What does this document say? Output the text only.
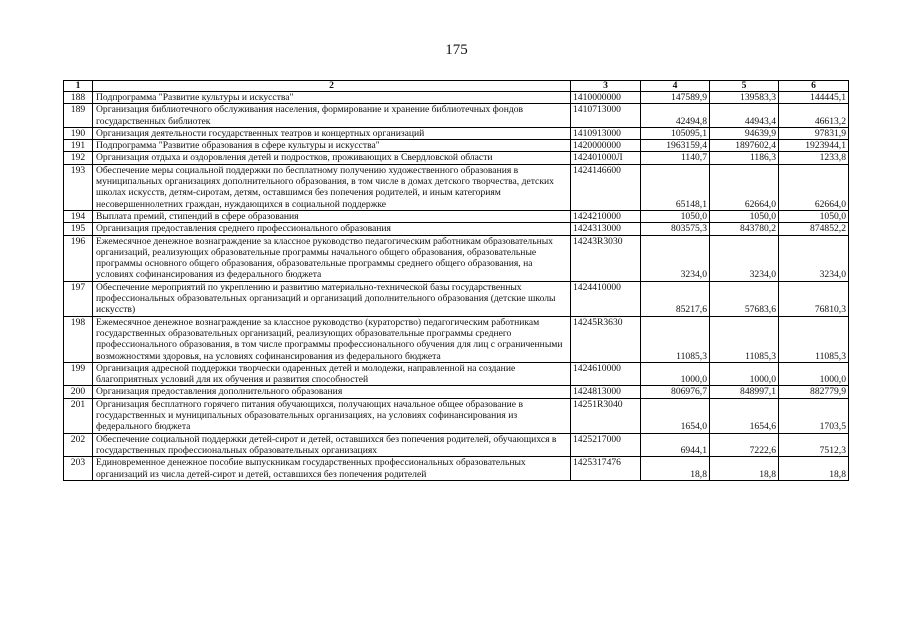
175
1	2	3	4	5	6
188	Подпрограмма "Развитие культуры и искусства"	1410000000	147589,9	139583,3	144445,1
189	Организация библиотечного обслуживания населения, формирование и хранение библиотечных фондов государственных библиотек	1410713000	42494,8	44943,4	46613,2
190	Организация деятельности государственных театров и концертных организаций	1410913000	105095,1	94639,9	97831,9
191	Подпрограмма "Развитие образования в сфере культуры и искусства"	1420000000	1963159,4	1897602,4	1923944,1
192	Организация отдыха и оздоровления детей и подростков, проживающих в Свердловской области	142401000Л	1140,7	1186,3	1233,8
193	Обеспечение меры социальной поддержки по бесплатному получению художественного образования в муниципальных организациях дополнительного образования, в том числе в домах детского творчества, детских школах искусств, детям-сиротам, детям, оставшимся без попечения родителей, и иным категориям несовершеннолетних граждан, нуждающихся в социальной поддержке	1424146600	65148,1	62664,0	62664,0
194	Выплата премий, стипендий в сфере образования	1424210000	1050,0	1050,0	1050,0
195	Организация предоставления среднего профессионального образования	1424313000	803575,3	843780,2	874852,2
196	Ежемесячное денежное вознаграждение за классное руководство педагогическим работникам образовательных организаций, реализующих образовательные программы начального общего образования, образовательные программы основного общего образования, образовательные программы среднего общего образования, на условиях софинансирования из федерального бюджета	14243R3030	3234,0	3234,0	3234,0
197	Обеспечение мероприятий по укреплению и развитию материально-технической базы государственных профессиональных образовательных организаций и организаций дополнительного образования (детские школы искусств)	1424410000	85217,6	57683,6	76810,3
198	Ежемесячное денежное вознаграждение за классное руководство (кураторство) педагогическим работникам государственных образовательных организаций, реализующих образовательные программы среднего профессионального образования, в том числе программы профессионального обучения для лиц с ограниченными возможностями здоровья, на условиях софинансирования из федерального бюджета	14245R3630	11085,3	11085,3	11085,3
199	Организация адресной поддержки творчески одаренных детей и молодежи, направленной на создание благоприятных условий для их обучения и развития способностей	1424610000	1000,0	1000,0	1000,0
200	Организация предоставления дополнительного образования	1424813000	806976,7	848997,1	882779,9
201	Организация бесплатного горячего питания обучающихся, получающих начальное общее образование в государственных и муниципальных образовательных организациях, на условиях софинансирования из федерального бюджета	14251R3040	1654,0	1654,6	1703,5
202	Обеспечение социальной поддержки детей-сирот и детей, оставшихся без попечения родителей, обучающихся в государственных профессиональных образовательных организациях	1425217000	6944,1	7222,6	7512,3
203	Единовременное денежное пособие выпускникам государственных профессиональных образовательных организаций из числа детей-сирот и детей, оставшихся без попечения родителей	1425317476	18,8	18,8	18,8
